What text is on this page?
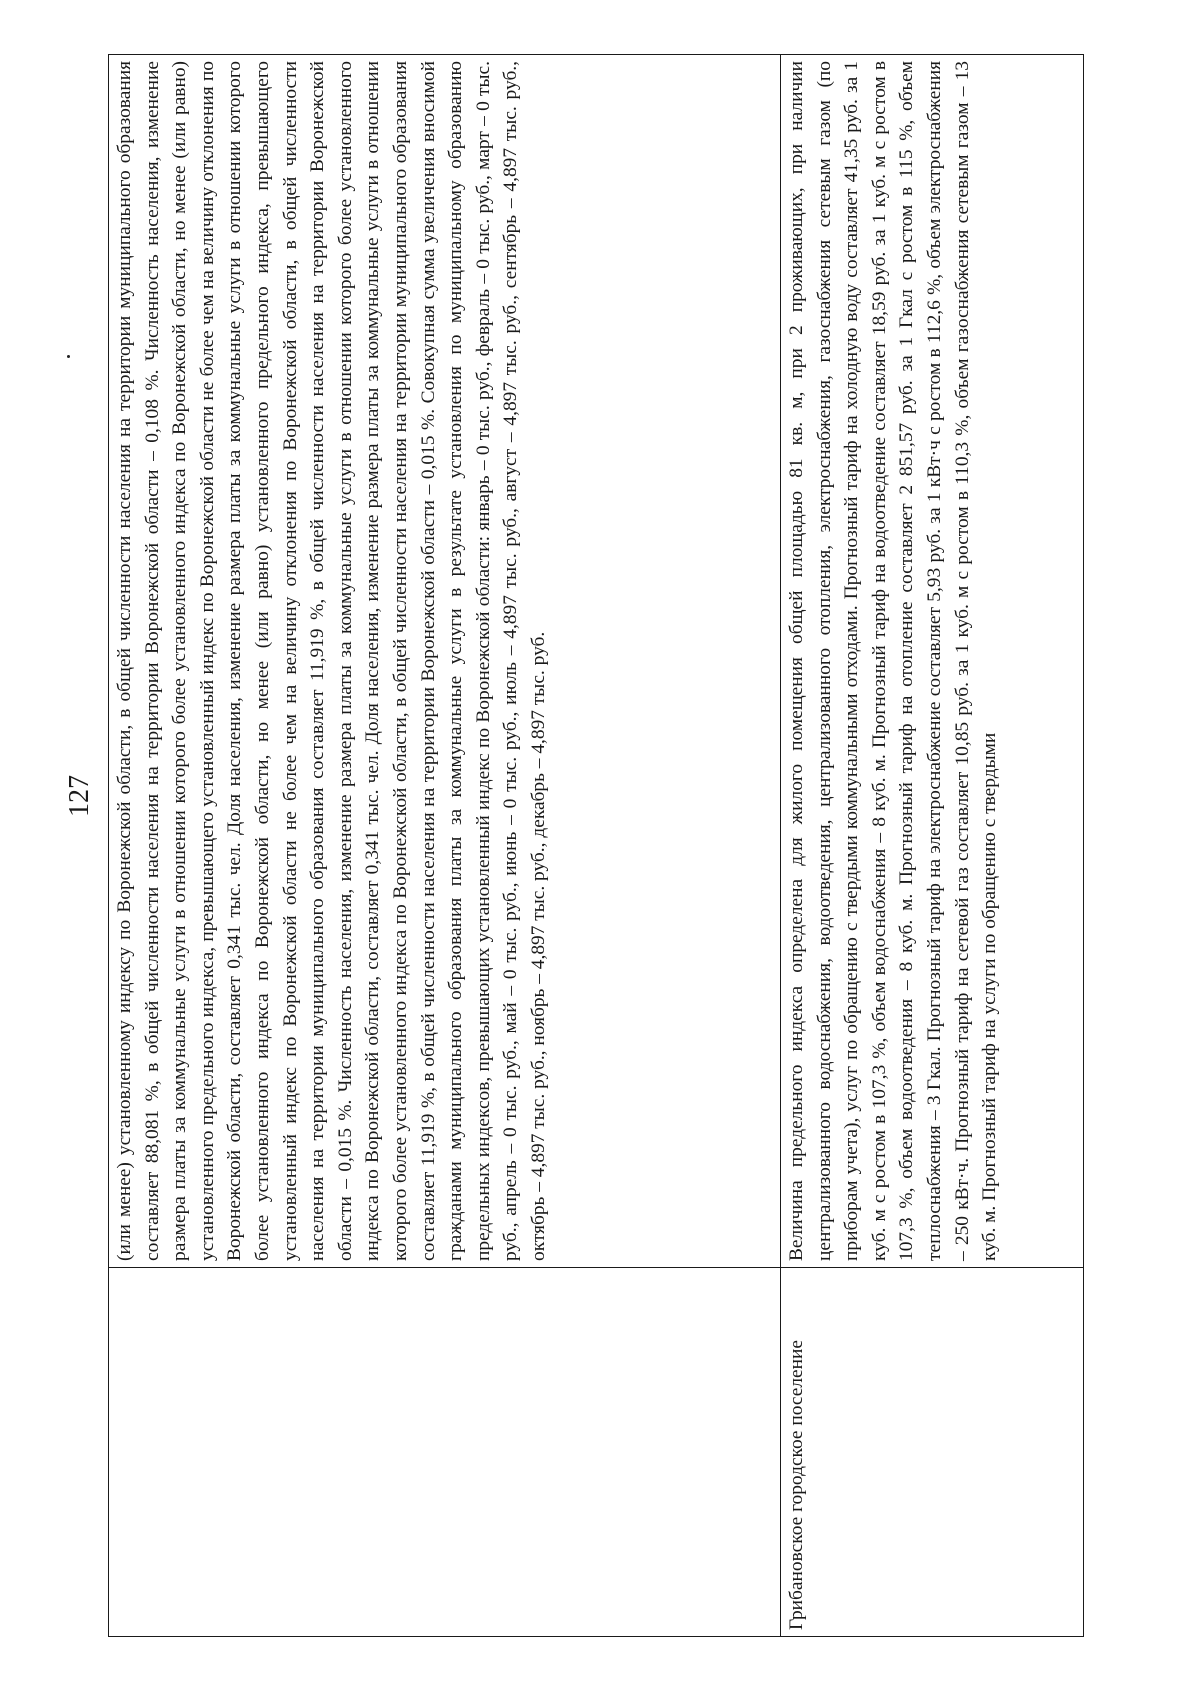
127
	(или менее) установленному индексу по Воронежской области, в общей численности населения на территории муниципального образования составляет 88,081 %, в общей численности населения на территории Воронежской области – 0,108 %. Численность населения, изменение размера платы за коммунальные услуги в отношении которого более установленного индекса по Воронежской области, но менее (или равно) установленного предельного индекса, превышающего установленный индекс по Воронежской области не более чем на величину отклонения по Воронежской области, составляет 0,341 тыс. чел. Доля населения, изменение размера платы за коммунальные услуги в отношении которого более установленного индекса по Воронежской области, но менее (или равно) установленного предельного индекса, превышающего установленный индекс по Воронежской области не более чем на величину отклонения по Воронежской области, в общей численности населения на территории муниципального образования составляет 11,919 %, в общей численности населения на территории Воронежской области – 0,015 %. Численность населения, изменение размера платы за коммунальные услуги в отношении которого более установленного индекса по Воронежской области, составляет 0,341 тыс. чел. Доля населения, изменение размера платы за коммунальные услуги в отношении которого более установленного индекса по Воронежской области, в общей численности населения на территории муниципального образования составляет 11,919 %, в общей численности населения на территории Воронежской области – 0,015 %. Совокупная сумма увеличения вносимой гражданами муниципального образования платы за коммунальные услуги в результате установления по муниципальному образованию предельных индексов, превышающих установленный индекс по Воронежской области: январь – 0 тыс. руб., февраль – 0 тыс. руб., март – 0 тыс. руб., апрель – 0 тыс. руб., май – 0 тыс. руб., июнь – 0 тыс. руб., июль – 4,897 тыс. руб., август – 4,897 тыс. руб., сентябрь – 4,897 тыс. руб., октябрь – 4,897 тыс. руб., ноябрь – 4,897 тыс. руб., декабрь – 4,897 тыс. руб.
Грибановское городское поселение	Величина предельного индекса определена для жилого помещения общей площадью 81 кв. м, при 2 проживающих, при наличии централизованного водоснабжения, водоотведения, централизованного отопления, электроснабжения, газоснабжения сетевым газом (по приборам учета), услуг по обращению с твердыми коммунальными отходами. Прогнозный тариф на холодную воду составляет 41,35 руб. за 1 куб. м с ростом в 107,3 %, объем водоснабжения – 8 куб. м. Прогнозный тариф на водоотведение составляет 18,59 руб. за 1 куб. м с ростом в 107,3 %, объем водоотведения – 8 куб. м. Прогнозный тариф на отопление составляет 2 851,57 руб. за 1 Гкал с ростом в 115 %, объем теплоснабжения – 3 Гкал. Прогнозный тариф на электроснабжение составляет 5,93 руб. за 1 кВт·ч с ростом в 112,6 %, объем электроснабжения – 250 кВт·ч. Прогнозный тариф на сетевой газ составляет 10,85 руб. за 1 куб. м с ростом в 110,3 %, объем газоснабжения сетевым газом – 13 куб. м. Прогнозный тариф на услуги по обращению с твердыми
